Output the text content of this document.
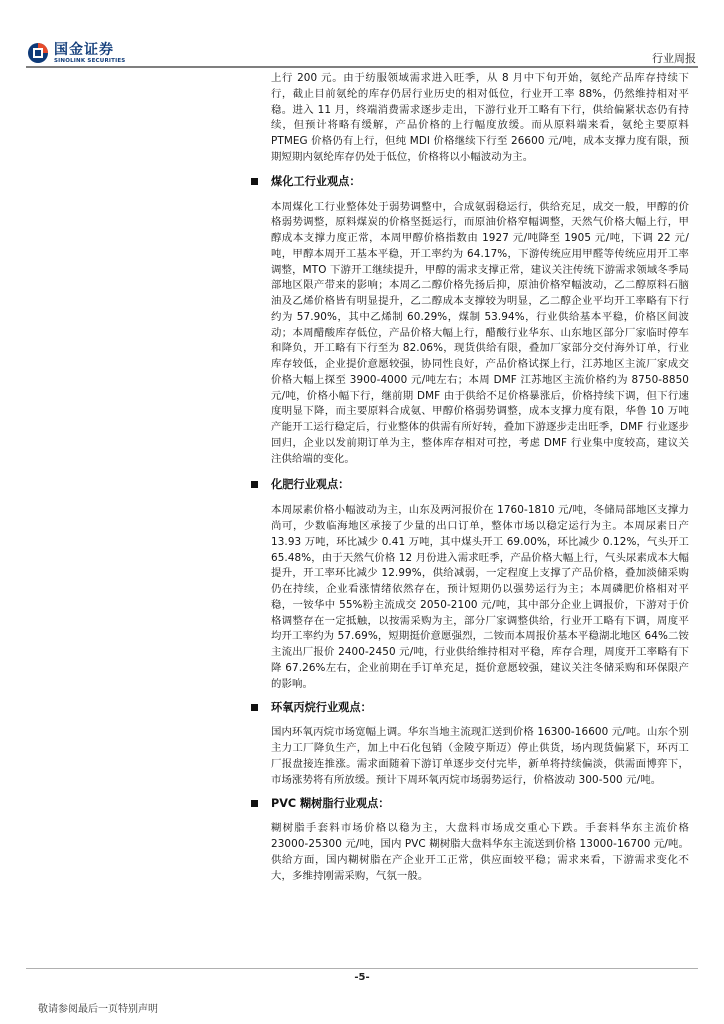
国金证券
SINOLINK SECURITIES	行业周报

上行 200 元。由于纺服领域需求进入旺季，从 8 月中下旬开始，氨纶产品库存持续下行，截止目前氨纶的库存仍居行业历史的相对低位，行业开工率 88%，仍然维持相对平稳。进入 11 月，终端消费需求逐步走出，下游行业开工略有下行，供给偏紧状态仍有持续，但预计将略有缓解，产品价格的上行幅度放缓。而从原料端来看，氨纶主要原料 PTMEG 价格仍有上行，但纯 MDI 价格继续下行至 26600 元/吨，成本支撑力度有限，预期短期内氨纶库存仍处于低位，价格将以小幅波动为主。

煤化工行业观点：

本周煤化工行业整体处于弱势调整中，合成氨弱稳运行，供给充足，成交一般，甲醇的价格弱势调整，原料煤炭的价格坚挺运行，而原油价格窄幅调整，天然气价格大幅上行，甲醇成本支撑力度正常，本周甲醇价格指数由 1927 元/吨降至 1905 元/吨，下调 22 元/吨，甲醇本周开工基本平稳，开工率约为 64.17%，下游传统应用甲醛等传统应用开工率调整，MTO 下游开工继续提升，甲醇的需求支撑正常，建议关注传统下游需求领域冬季局部地区限产带来的影响；本周乙二醇价格先扬后抑，原油价格窄幅波动，乙二醇原料石脑油及乙烯价格皆有明显提升，乙二醇成本支撑较为明显，乙二醇企业平均开工率略有下行约为 57.90%，其中乙烯制 60.29%，煤制 53.94%，行业供给基本平稳，价格区间波动；本周醋酸库存低位，产品价格大幅上行，醋酸行业华东、山东地区部分厂家临时停车和降负，开工略有下行至为 82.06%，现货供给有限，叠加厂家部分交付海外订单，行业库存较低，企业提价意愿较强，协同性良好，产品价格试探上行，江苏地区主流厂家成交价格大幅上探至 3900-4000 元/吨左右；本周 DMF 江苏地区主流价格约为 8750-8850 元/吨，价格小幅下行，继前期 DMF 由于供给不足价格暴涨后，价格持续下调，但下行速度明显下降，而主要原料合成氨、甲醇价格弱势调整，成本支撑力度有限，华鲁 10 万吨产能开工运行稳定后，行业整体的供需有所好转，叠加下游逐步走出旺季，DMF 行业逐步回归，企业以发前期订单为主，整体库存相对可控，考虑 DMF 行业集中度较高，建议关注供给端的变化。

化肥行业观点：

本周尿素价格小幅波动为主，山东及两河报价在 1760-1810 元/吨，冬储局部地区支撑力尚可，少数临海地区承接了少量的出口订单，整体市场以稳定运行为主。本周尿素日产 13.93 万吨，环比减少 0.41 万吨，其中煤头开工 69.00%，环比减少 0.12%，气头开工 65.48%，由于天然气价格 12 月份进入需求旺季，产品价格大幅上行，气头尿素成本大幅提升，开工率环比减少 12.99%，供给减弱，一定程度上支撑了产品价格，叠加淡储采购仍在持续，企业看涨情绪依然存在，预计短期仍以强势运行为主；本周磷肥价格相对平稳，一铵华中 55%粉主流成交 2050-2100 元/吨，其中部分企业上调报价，下游对于价格调整存在一定抵触，以按需采购为主，部分厂家调整供给，行业开工略有下调，周度平均开工率约为 57.69%，短期挺价意愿强烈，二铵而本周报价基本平稳湖北地区 64%二铵主流出厂报价 2400-2450 元/吨，行业供给维持相对平稳，库存合理，周度开工率略有下降 67.26%左右，企业前期在手订单充足，挺价意愿较强，建议关注冬储采购和环保限产的影响。

环氧丙烷行业观点：

国内环氧丙烷市场宽幅上调。华东当地主流现汇送到价格 16300-16600 元/吨。山东个别主力工厂降负生产，加上中石化包销（金陵亨斯迈）停止供货，场内现货偏紧下，环丙工厂报盘接连推涨。需求面随着下游订单逐步交付完毕，新单将持续偏淡，供需面博弈下，市场涨势将有所放缓。预计下周环氧丙烷市场弱势运行，价格波动 300-500 元/吨。

PVC 糊树脂行业观点：

糊树脂手套料市场价格以稳为主，大盘料市场成交重心下跌。手套料华东主流价格 23000-25300 元/吨，国内 PVC 糊树脂大盘料华东主流送到价格 13000-16700 元/吨。供给方面，国内糊树脂在产企业开工正常，供应面较平稳；需求来看，下游需求变化不 大，多维持刚需采购，气氛一般。

-5-
敬请参阅最后一页特别声明
